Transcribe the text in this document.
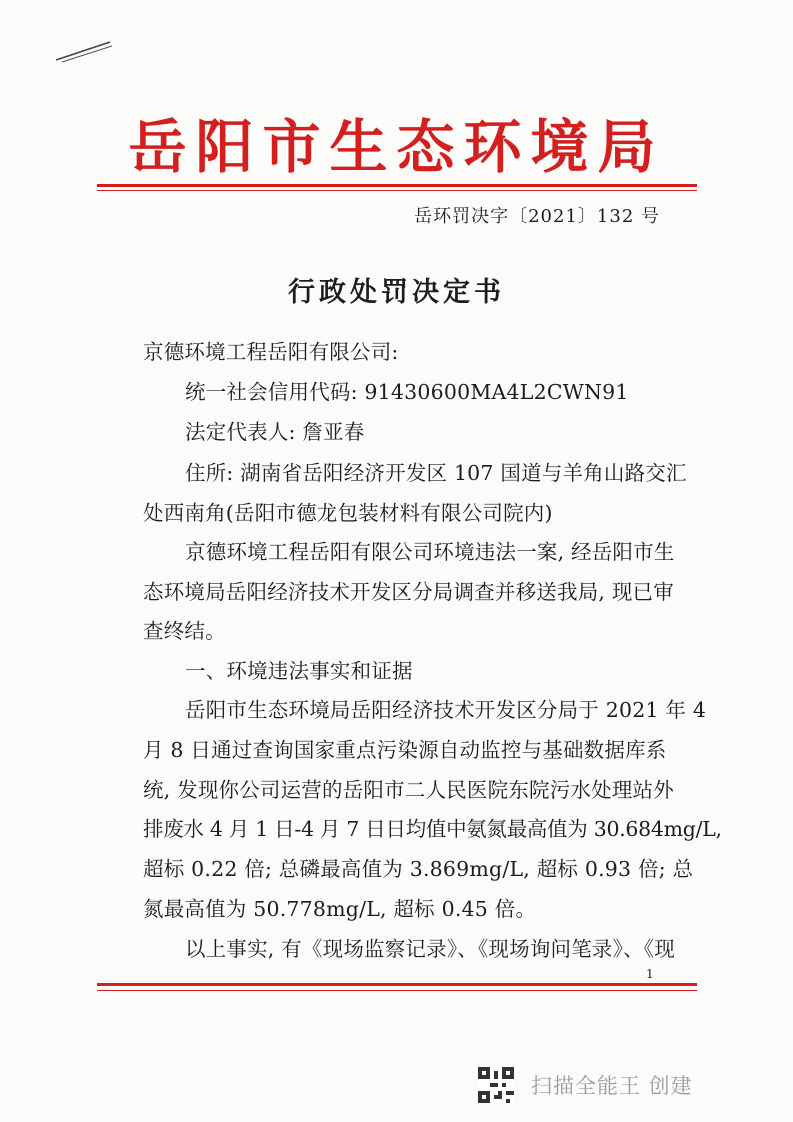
岳阳市生态环境局
岳环罚决字〔2021〕132 号
行政处罚决定书
京德环境工程岳阳有限公司:
统一社会信用代码: 91430600MA4L2CWN91
法定代表人: 詹亚春
住所: 湖南省岳阳经济开发区 107 国道与羊角山路交汇
处西南角(岳阳市德龙包装材料有限公司院内)
京德环境工程岳阳有限公司环境违法一案, 经岳阳市生
态环境局岳阳经济技术开发区分局调查并移送我局, 现已审
查终结。
一、环境违法事实和证据
岳阳市生态环境局岳阳经济技术开发区分局于 2021 年 4
月 8 日通过查询国家重点污染源自动监控与基础数据库系
统, 发现你公司运营的岳阳市二人民医院东院污水处理站外
排废水 4 月 1 日-4 月 7 日日均值中氨氮最高值为 30.684mg/L,
超标 0.22 倍; 总磷最高值为 3.869mg/L, 超标 0.93 倍; 总
氮最高值为 50.778mg/L, 超标 0.45 倍。
以上事实, 有《现场监察记录》、《现场询问笔录》、《现
1
扫描全能王 创建
